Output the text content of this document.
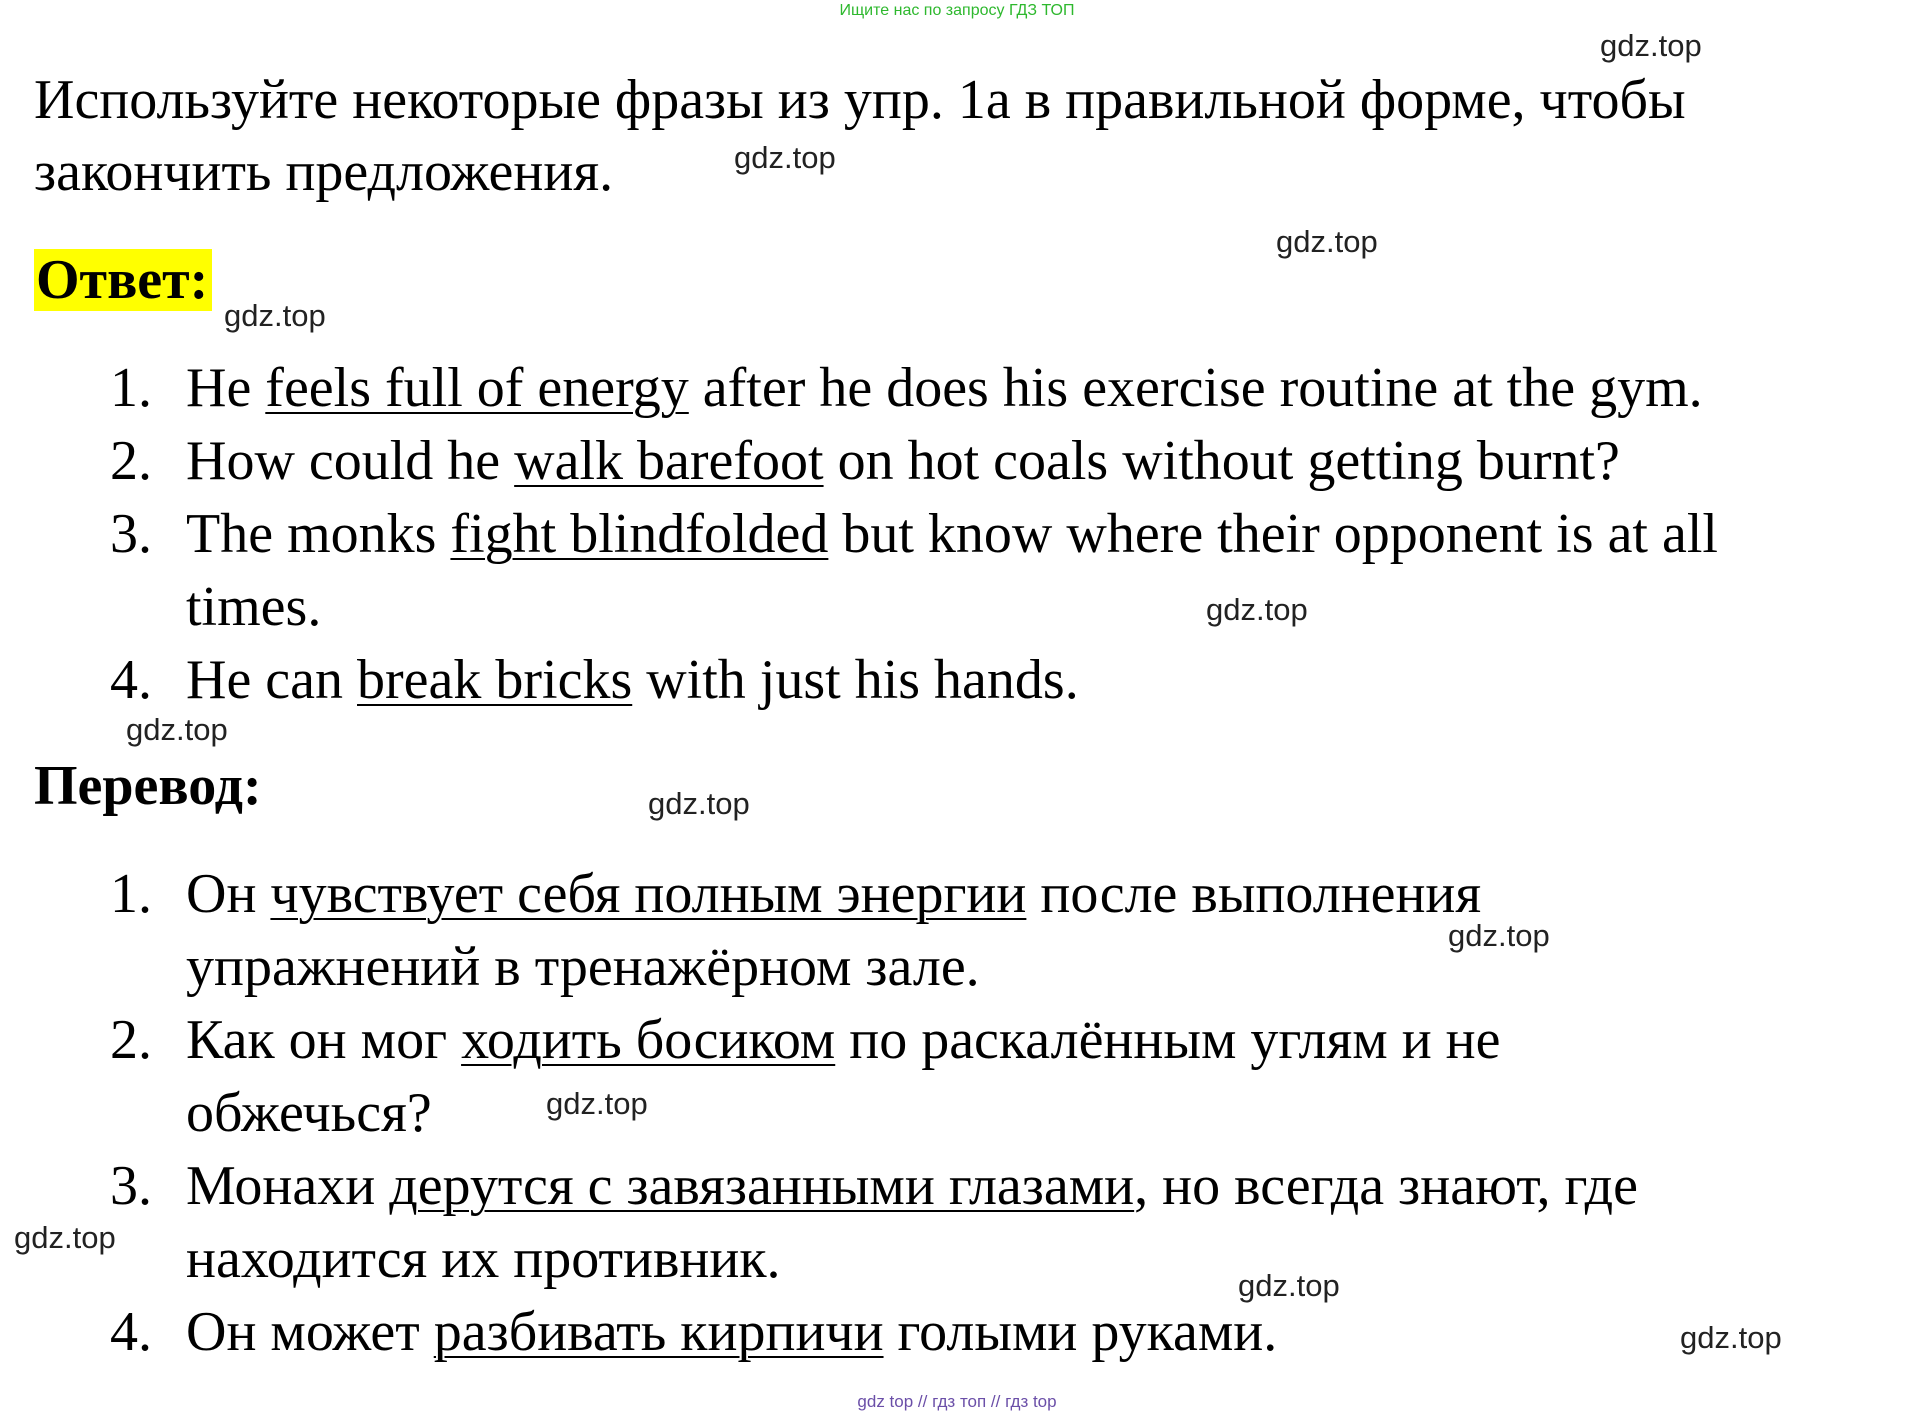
Ищите нас по запросу ГДЗ ТОП
gdz.top
Используйте некоторые фразы из упр. 1а в правильной форме, чтобы
закончить предложения.	gdz.top
gdz.top
Ответ:
gdz.top
1. He feels full of energy after he does his exercise routine at the gym.
2. How could he walk barefoot on hot coals without getting burnt?
3. The monks fight blindfolded but know where their opponent is at all
times.	gdz.top
4. He can break bricks with just his hands.
gdz.top
Перевод:	gdz.top
1. Он чувствует себя полным энергии после выполнения
gdz.top
упражнений в тренажёрном зале.
2. Как он мог ходить босиком по раскалённым углям и не
обжечься?	gdz.top
3. Монахи дерутся с завязанными глазами, но всегда знают, где
gdz.top находится их противник.	gdz.top
4. Он может разбивать кирпичи голыми руками.	gdz.top
gdz top // гдз топ // гдз top
